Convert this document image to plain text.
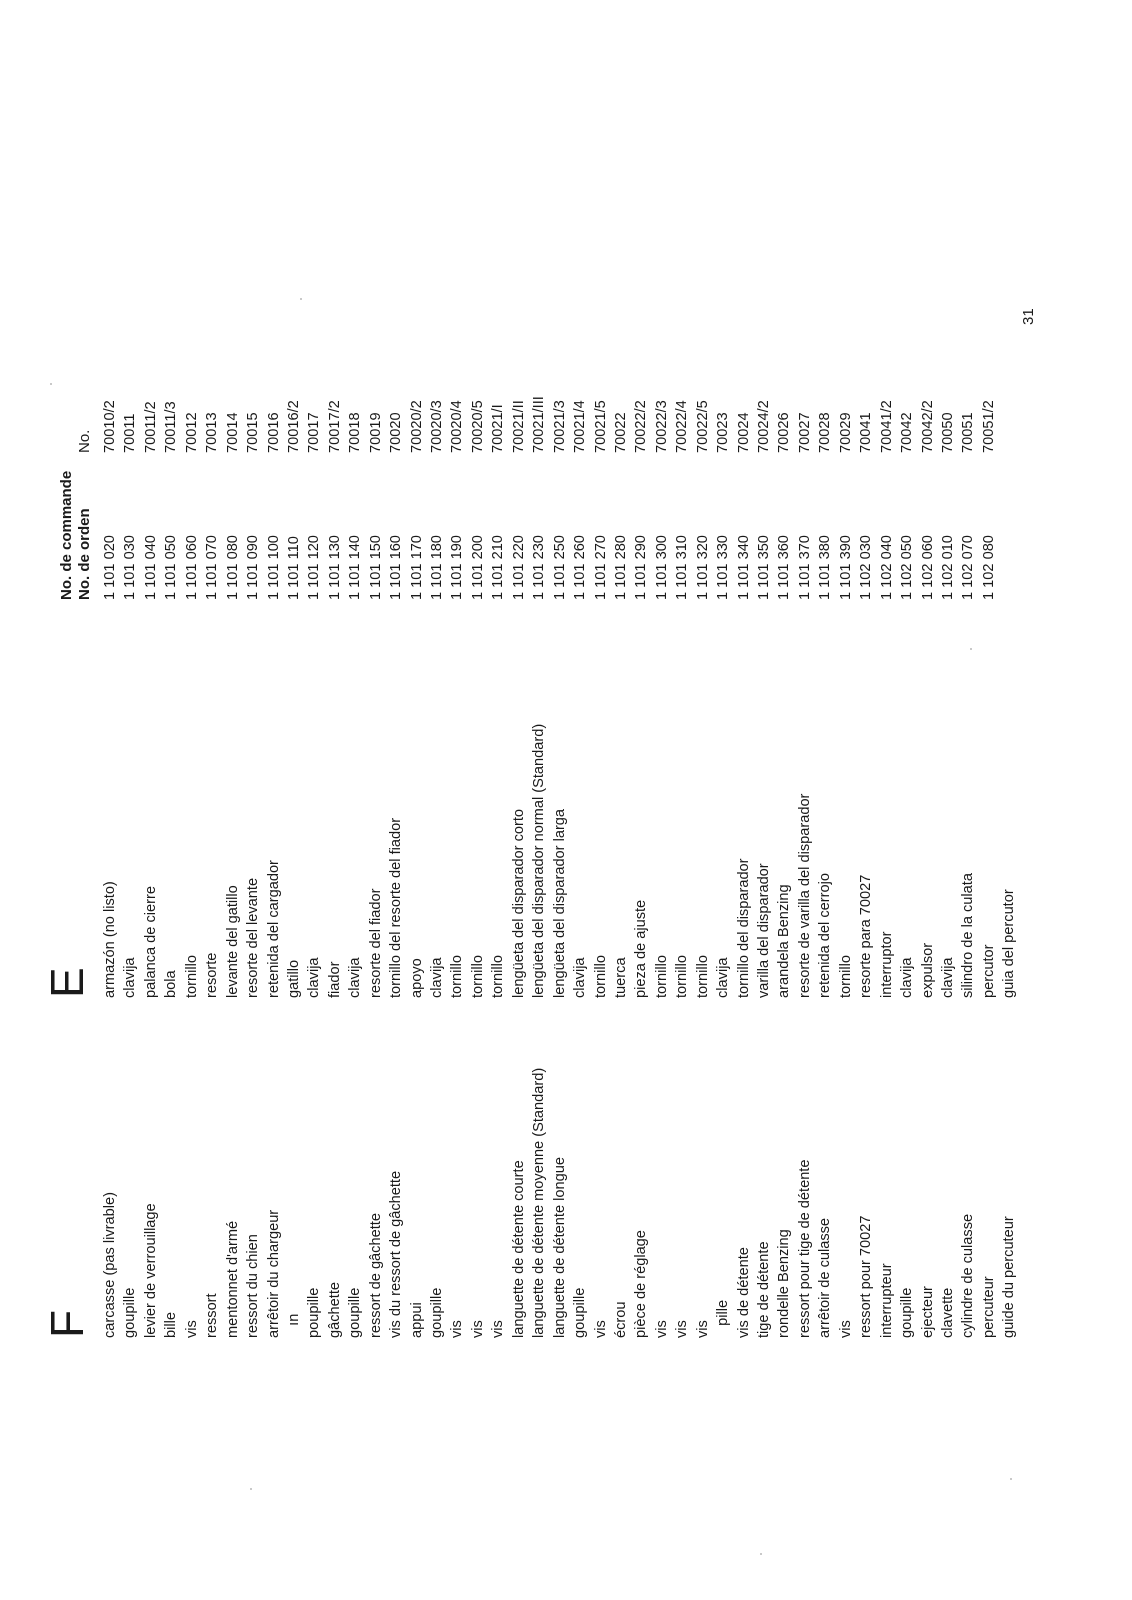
F
E
No. de commande No. de orden
No.
carcasse (pas livrable) goupille levier de verrouillage bille vis ressort mentonnet d'armé ressort du chien arrêtoir du chargeur ın poupille gâchette goupille ressort de gâchette vis du ressort de gâchette appui goupille vis vis vis languette de détente courte languette de détente moyenne (Standard) languette de détente longue goupille vis écrou pièce de réglage vis vis vis pille vis de détente tige de détente rondelle Benzing ressort pour tige de détente arrêtoir de culasse vis ressort pour 70027 interrupteur goupille ejecteur clavette cylindre de culasse percuteur guide du percuteur
armazón (no listo) clavija palanca de cierre bola tornillo resorte levante del gatillo resorte del levante retenida del cargador gatillo clavija fiador clavija resorte del fiador tornillo del resorte del fiador apoyo clavija tornillo tornillo tornillo lengüeta del disparador corto lengüeta del disparador normal (Standard) lengüeta del disparador larga clavija tornillo tuerca pieza de ajuste tornillo tornillo tornillo clavija tornillo del disparador varilla del disparador arandela Benzing resorte de varilla del disparador retenida del cerrojo tornillo resorte para 70027 interruptor clavija expulsor clavija silindro de la culata percutor guia del percutor
1 101 020 1 101 030 1 101 040 1 101 050 1 101 060 1 101 070 1 101 080 1 101 090 1 101 100 1 101 110 1 101 120 1 101 130 1 101 140 1 101 150 1 101 160 1 101 170 1 101 180 1 101 190 1 101 200 1 101 210 1 101 220 1 101 230 1 101 250 1 101 260 1 101 270 1 101 280 1 101 290 1 101 300 1 101 310 1 101 320 1 101 330 1 101 340 1 101 350 1 101 360 1 101 370 1 101 380 1 101 390 1 102 030 1 102 040 1 102 050 1 102 060 1 102 010 1 102 070 1 102 080
70010/2 70011 70011/2 70011/3 70012 70013 70014 70015 70016 70016/2 70017 70017/2 70018 70019 70020 70020/2 70020/3 70020/4 70020/5 70021/I 70021/II 70021/III 70021/3 70021/4 70021/5 70022 70022/2 70022/3 70022/4 70022/5 70023 70024 70024/2 70026 70027 70028 70029 70041 70041/2 70042 70042/2 70050 70051 70051/2
31
